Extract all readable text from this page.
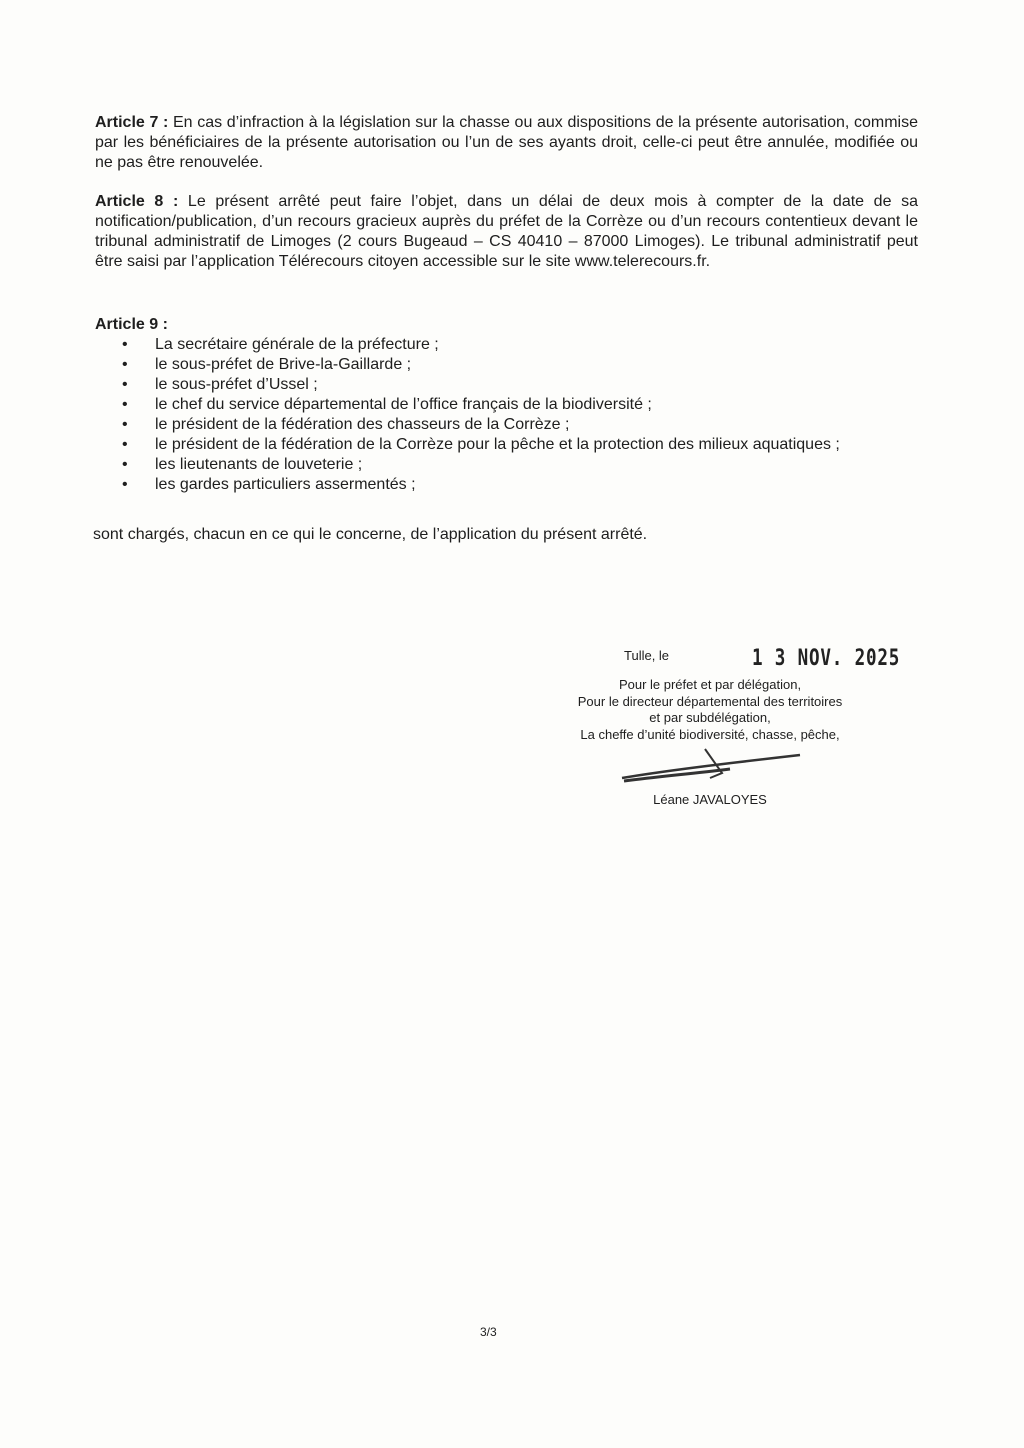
Article 7 : En cas d’infraction à la législation sur la chasse ou aux dispositions de la présente autorisation, commise par les bénéficiaires de la présente autorisation ou l’un de ses ayants droit, celle-ci peut être annulée, modifiée ou ne pas être renouvelée.
Article 8 : Le présent arrêté peut faire l’objet, dans un délai de deux mois à compter de la date de sa notification/publication, d’un recours gracieux auprès du préfet de la Corrèze ou d’un recours contentieux devant le tribunal administratif de Limoges (2 cours Bugeaud – CS 40410 – 87000 Limoges). Le tribunal administratif peut être saisi par l’application Télérecours citoyen accessible sur le site www.telerecours.fr.
Article 9 :
• La secrétaire générale de la préfecture ;
• le sous-préfet de Brive-la-Gaillarde ;
• le sous-préfet d’Ussel ;
• le chef du service départemental de l’office français de la biodiversité ;
• le président de la fédération des chasseurs de la Corrèze ;
• le président de la fédération de la Corrèze pour la pêche et la protection des milieux aquatiques ;
• les lieutenants de louveterie ;
• les gardes particuliers assermentés ;
sont chargés, chacun en ce qui le concerne, de l’application du présent arrêté.
Tulle, le	1 3 NOV. 2025
Pour le préfet et par délégation,
Pour le directeur départemental des territoires
et par subdélégation,
La cheffe d’unité biodiversité, chasse, pêche,
Léane JAVALOYES
3/3
